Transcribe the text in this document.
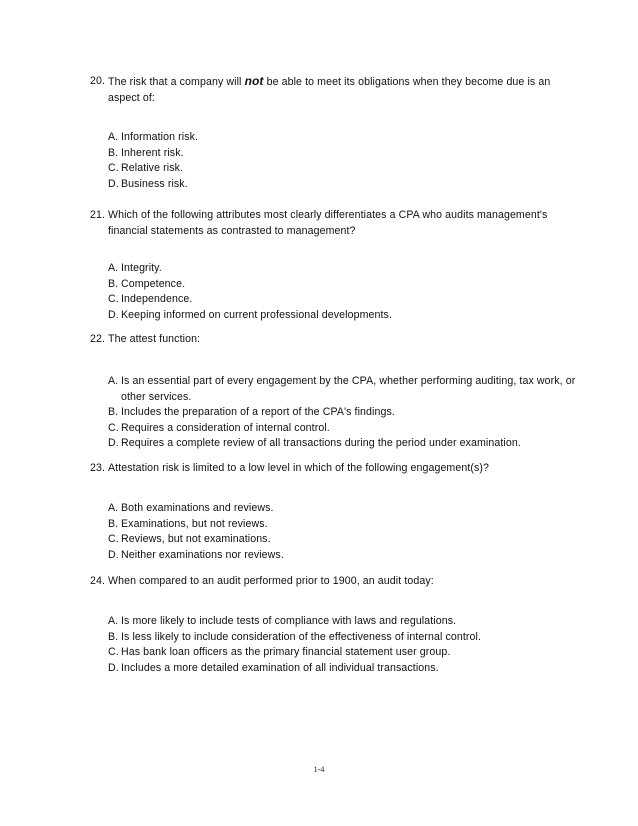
20. The risk that a company will not be able to meet its obligations when they become due is an aspect of:
A. Information risk.
B. Inherent risk.
C. Relative risk.
D. Business risk.
21. Which of the following attributes most clearly differentiates a CPA who audits management's financial statements as contrasted to management?
A. Integrity.
B. Competence.
C. Independence.
D. Keeping informed on current professional developments.
22. The attest function:
A. Is an essential part of every engagement by the CPA, whether performing auditing, tax work, or other services.
B. Includes the preparation of a report of the CPA's findings.
C. Requires a consideration of internal control.
D. Requires a complete review of all transactions during the period under examination.
23. Attestation risk is limited to a low level in which of the following engagement(s)?
A. Both examinations and reviews.
B. Examinations, but not reviews.
C. Reviews, but not examinations.
D. Neither examinations nor reviews.
24. When compared to an audit performed prior to 1900, an audit today:
A. Is more likely to include tests of compliance with laws and regulations.
B. Is less likely to include consideration of the effectiveness of internal control.
C. Has bank loan officers as the primary financial statement user group.
D. Includes a more detailed examination of all individual transactions.
1-4
